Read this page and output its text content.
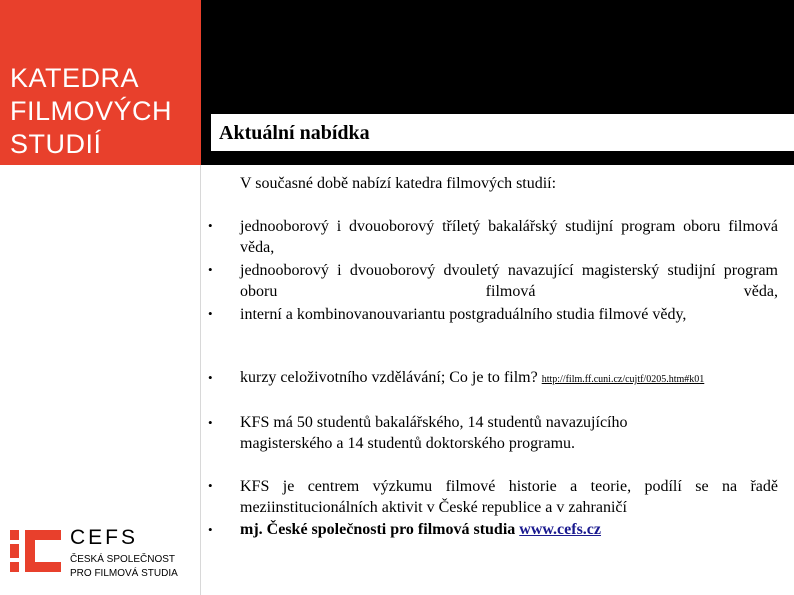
KATEDRA
FILMOVÝCH
STUDIÍ	Aktuální nabídka
V současné době nabízí katedra filmových studií:
• jednooborový i dvouoborový tříletý bakalářský studijní program oboru filmová věda,
• jednooborový i dvouoborový dvouletý navazující magisterský studijní program oboru filmová věda,
• interní a kombinovanouvariantu postgraduálního studia filmové vědy,
• kurzy celoživotního vzdělávání; Co je to film? http://film.ff.cuni.cz/cujtf/0205.htm#k01
• KFS má 50 studentů bakalářského, 14 studentů navazujícího magisterského a 14 studentů doktorského programu.
• KFS je centrem výzkumu filmové historie a teorie, podílí se na řadě meziinstitucionálních aktivit v České republice a v zahraničí
• mj. České společnosti pro filmová studia www.cefs.cz
CEFS
ČESKÁ SPOLEČNOST
PRO FILMOVÁ STUDIA
